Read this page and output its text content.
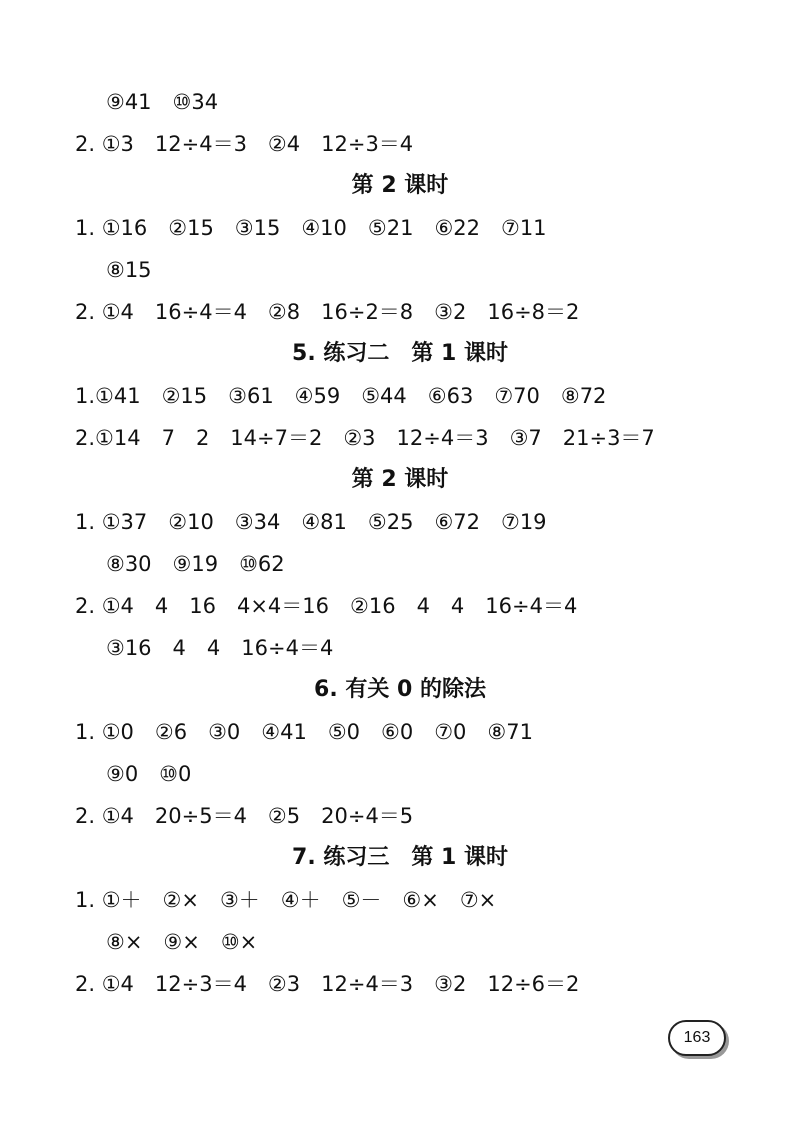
⑨41　⑩34
2. ①3　12÷4＝3　②4　12÷3＝4
第 2 课时
1. ①16　②15　③15　④10　⑤21　⑥22　⑦11
⑧15
2. ①4　16÷4＝4　②8　16÷2＝8　③2　16÷8＝2
5. 练习二　第 1 课时
1.①41　②15　③61　④59　⑤44　⑥63　⑦70　⑧72
2.①14　7　2　14÷7＝2　②3　12÷4＝3　③7　21÷3＝7
第 2 课时
1. ①37　②10　③34　④81　⑤25　⑥72　⑦19
⑧30　⑨19　⑩62
2. ①4　4　16　4×4＝16　②16　4　4　16÷4＝4
③16　4　4　16÷4＝4
6. 有关 0 的除法
1. ①0　②6　③0　④41　⑤0　⑥0　⑦0　⑧71
⑨0　⑩0
2. ①4　20÷5＝4　②5　20÷4＝5
7. 练习三　第 1 课时
1. ①＋　②×　③＋　④＋　⑤－　⑥×　⑦×
⑧×　⑨×　⑩×
2. ①4　12÷3＝4　②3　12÷4＝3　③2　12÷6＝2
163
